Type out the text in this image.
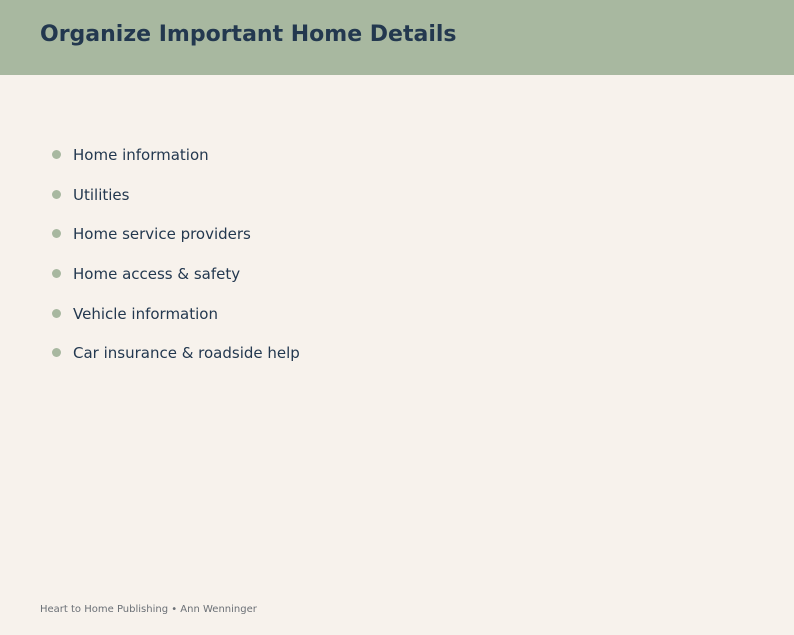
Organize Important Home Details
Home information
Utilities
Home service providers
Home access & safety
Vehicle information
Car insurance & roadside help
Heart to Home Publishing • Ann Wenninger
